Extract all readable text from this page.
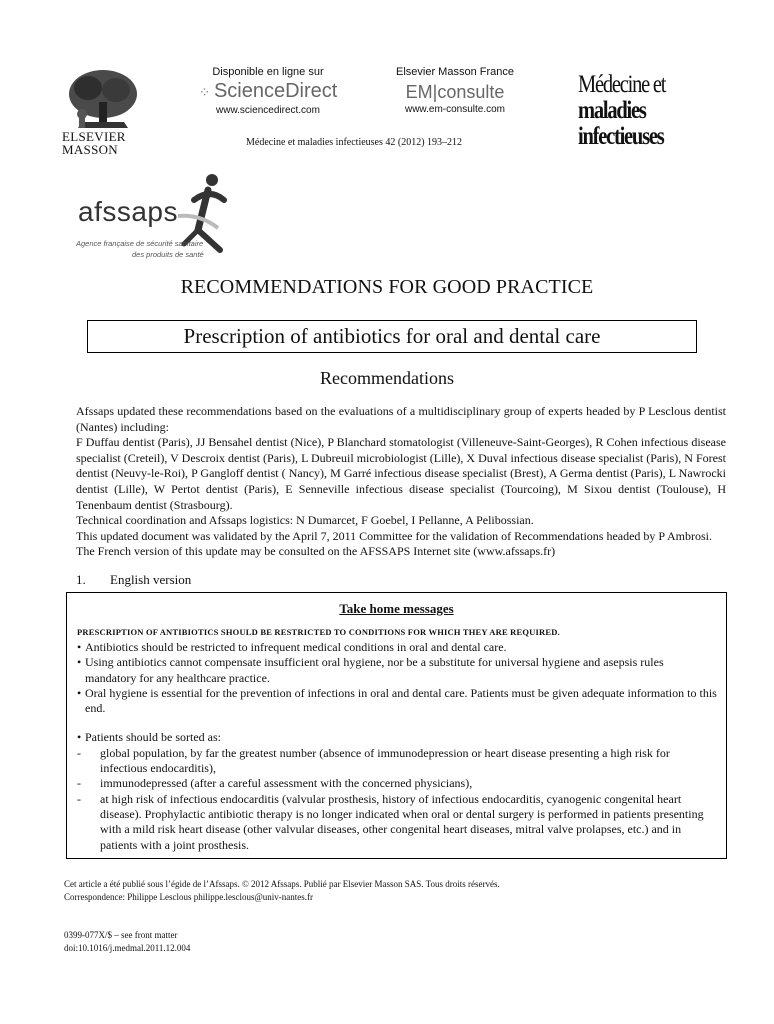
ELSEVIER
MASSON
Disponible en ligne sur
⁘ ScienceDirect
www.sciencedirect.com
Elsevier Masson France
EM|consulte
www.em-consulte.com
Médecine et maladies infectieuses 42 (2012) 193–212
Médecine et
maladies infectieuses
afssaps
Agence française de sécurité sanitaire
des produits de santé
RECOMMENDATIONS FOR GOOD PRACTICE
Prescription of antibiotics for oral and dental care
Recommendations

Afssaps updated these recommendations based on the evaluations of a multidisciplinary group of experts headed by P Lesclous dentist (Nantes) including:

F Duffau dentist (Paris), JJ Bensahel dentist (Nice), P Blanchard stomatologist (Villeneuve-Saint-Georges), R Cohen infectious disease specialist (Creteil), V Descroix dentist (Paris), L Dubreuil microbiologist (Lille), X Duval infectious disease specialist (Paris), N Forest dentist (Neuvy-le-Roi), P Gangloff dentist ( Nancy), M Garré infectious disease specialist (Brest), A Germa dentist (Paris), L Nawrocki dentist (Lille), W Pertot dentist (Paris), E Senneville infectious disease specialist (Tourcoing), M Sixou dentist (Toulouse), H Tenenbaum dentist (Strasbourg).

Technical coordination and Afssaps logistics: N Dumarcet, F Goebel, I Pellanne, A Pelibossian.

This updated document was validated by the April 7, 2011 Committee for the validation of Recommendations headed by P Ambrosi.

The French version of this update may be consulted on the AFSSAPS Internet site (www.afssaps.fr)

1. English version
Take home messages
PRESCRIPTION OF ANTIBIOTICS SHOULD BE RESTRICTED TO CONDITIONS FOR WHICH THEY ARE REQUIRED.
• Antibiotics should be restricted to infrequent medical conditions in oral and dental care.
• Using antibiotics cannot compensate insufficient oral hygiene, nor be a substitute for universal hygiene and asepsis rules mandatory for any healthcare practice.
• Oral hygiene is essential for the prevention of infections in oral and dental care. Patients must be given adequate information to this end.
• Patients should be sorted as:
- global population, by far the greatest number (absence of immunodepression or heart disease presenting a high risk for infectious endocarditis),
- immunodepressed (after a careful assessment with the concerned physicians),
- at high risk of infectious endocarditis (valvular prosthesis, history of infectious endocarditis, cyanogenic congenital heart disease). Prophylactic antibiotic therapy is no longer indicated when oral or dental surgery is performed in patients presenting with a mild risk heart disease (other valvular diseases, other congenital heart diseases, mitral valve prolapses, etc.) and in patients with a joint prosthesis.
Cet article a été publié sous l’égide de l’Afssaps. © 2012 Afssaps. Publié par Elsevier Masson SAS. Tous droits réservés.
Correspondence: Philippe Lesclous philippe.lesclous@univ-nantes.fr
0399-077X/$ – see front matter
doi:10.1016/j.medmal.2011.12.004
